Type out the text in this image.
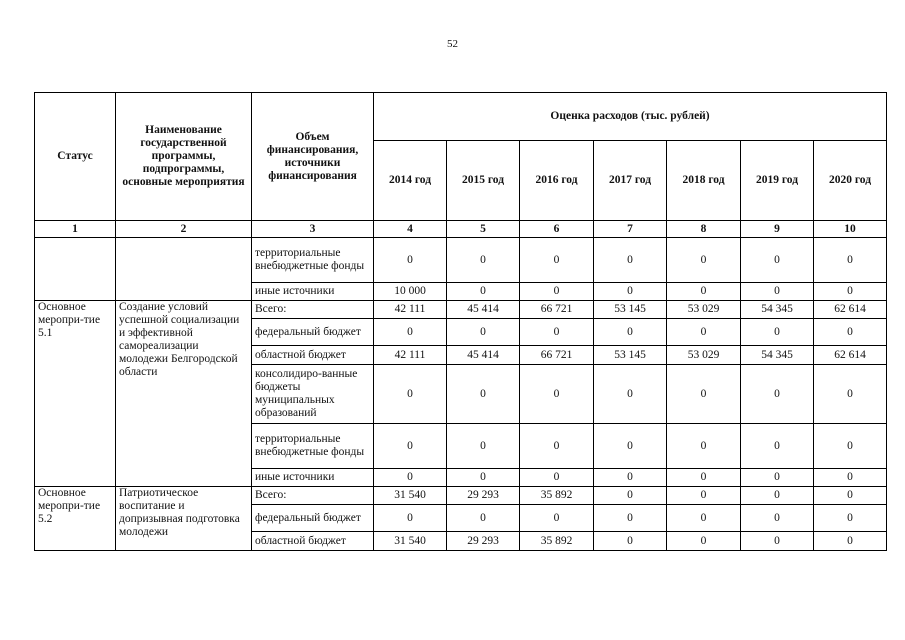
52
Статус	Наименование государственной программы, подпрограммы, основные мероприятия	Объем финансирования, источники финансирования	Оценка расходов (тыс. рублей)						
			2014 год	2015 год	2016 год	2017 год	2018 год	2019 год	2020 год
1	2	3	4	5	6	7	8	9	10
		территориальные внебюджетные фонды	0	0	0	0	0	0	0
		иные источники	10 000	0	0	0	0	0	0
Основное меропри-тие 5.1	Создание условий успешной социализации и эффективной самореализации молодежи Белгородской области	Всего:	42 111	45 414	66 721	53 145	53 029	54 345	62 614
		федеральный бюджет	0	0	0	0	0	0	0
		областной бюджет	42 111	45 414	66 721	53 145	53 029	54 345	62 614
		консолидиро-ванные бюджеты муниципальных образований	0	0	0	0	0	0	0
		территориальные внебюджетные фонды	0	0	0	0	0	0	0
		иные источники	0	0	0	0	0	0	0
Основное меропри-тие 5.2	Патриотическое воспитание и допризывная подготовка молодежи	Всего:	31 540	29 293	35 892	0	0	0	0
		федеральный бюджет	0	0	0	0	0	0	0
		областной бюджет	31 540	29 293	35 892	0	0	0	0
